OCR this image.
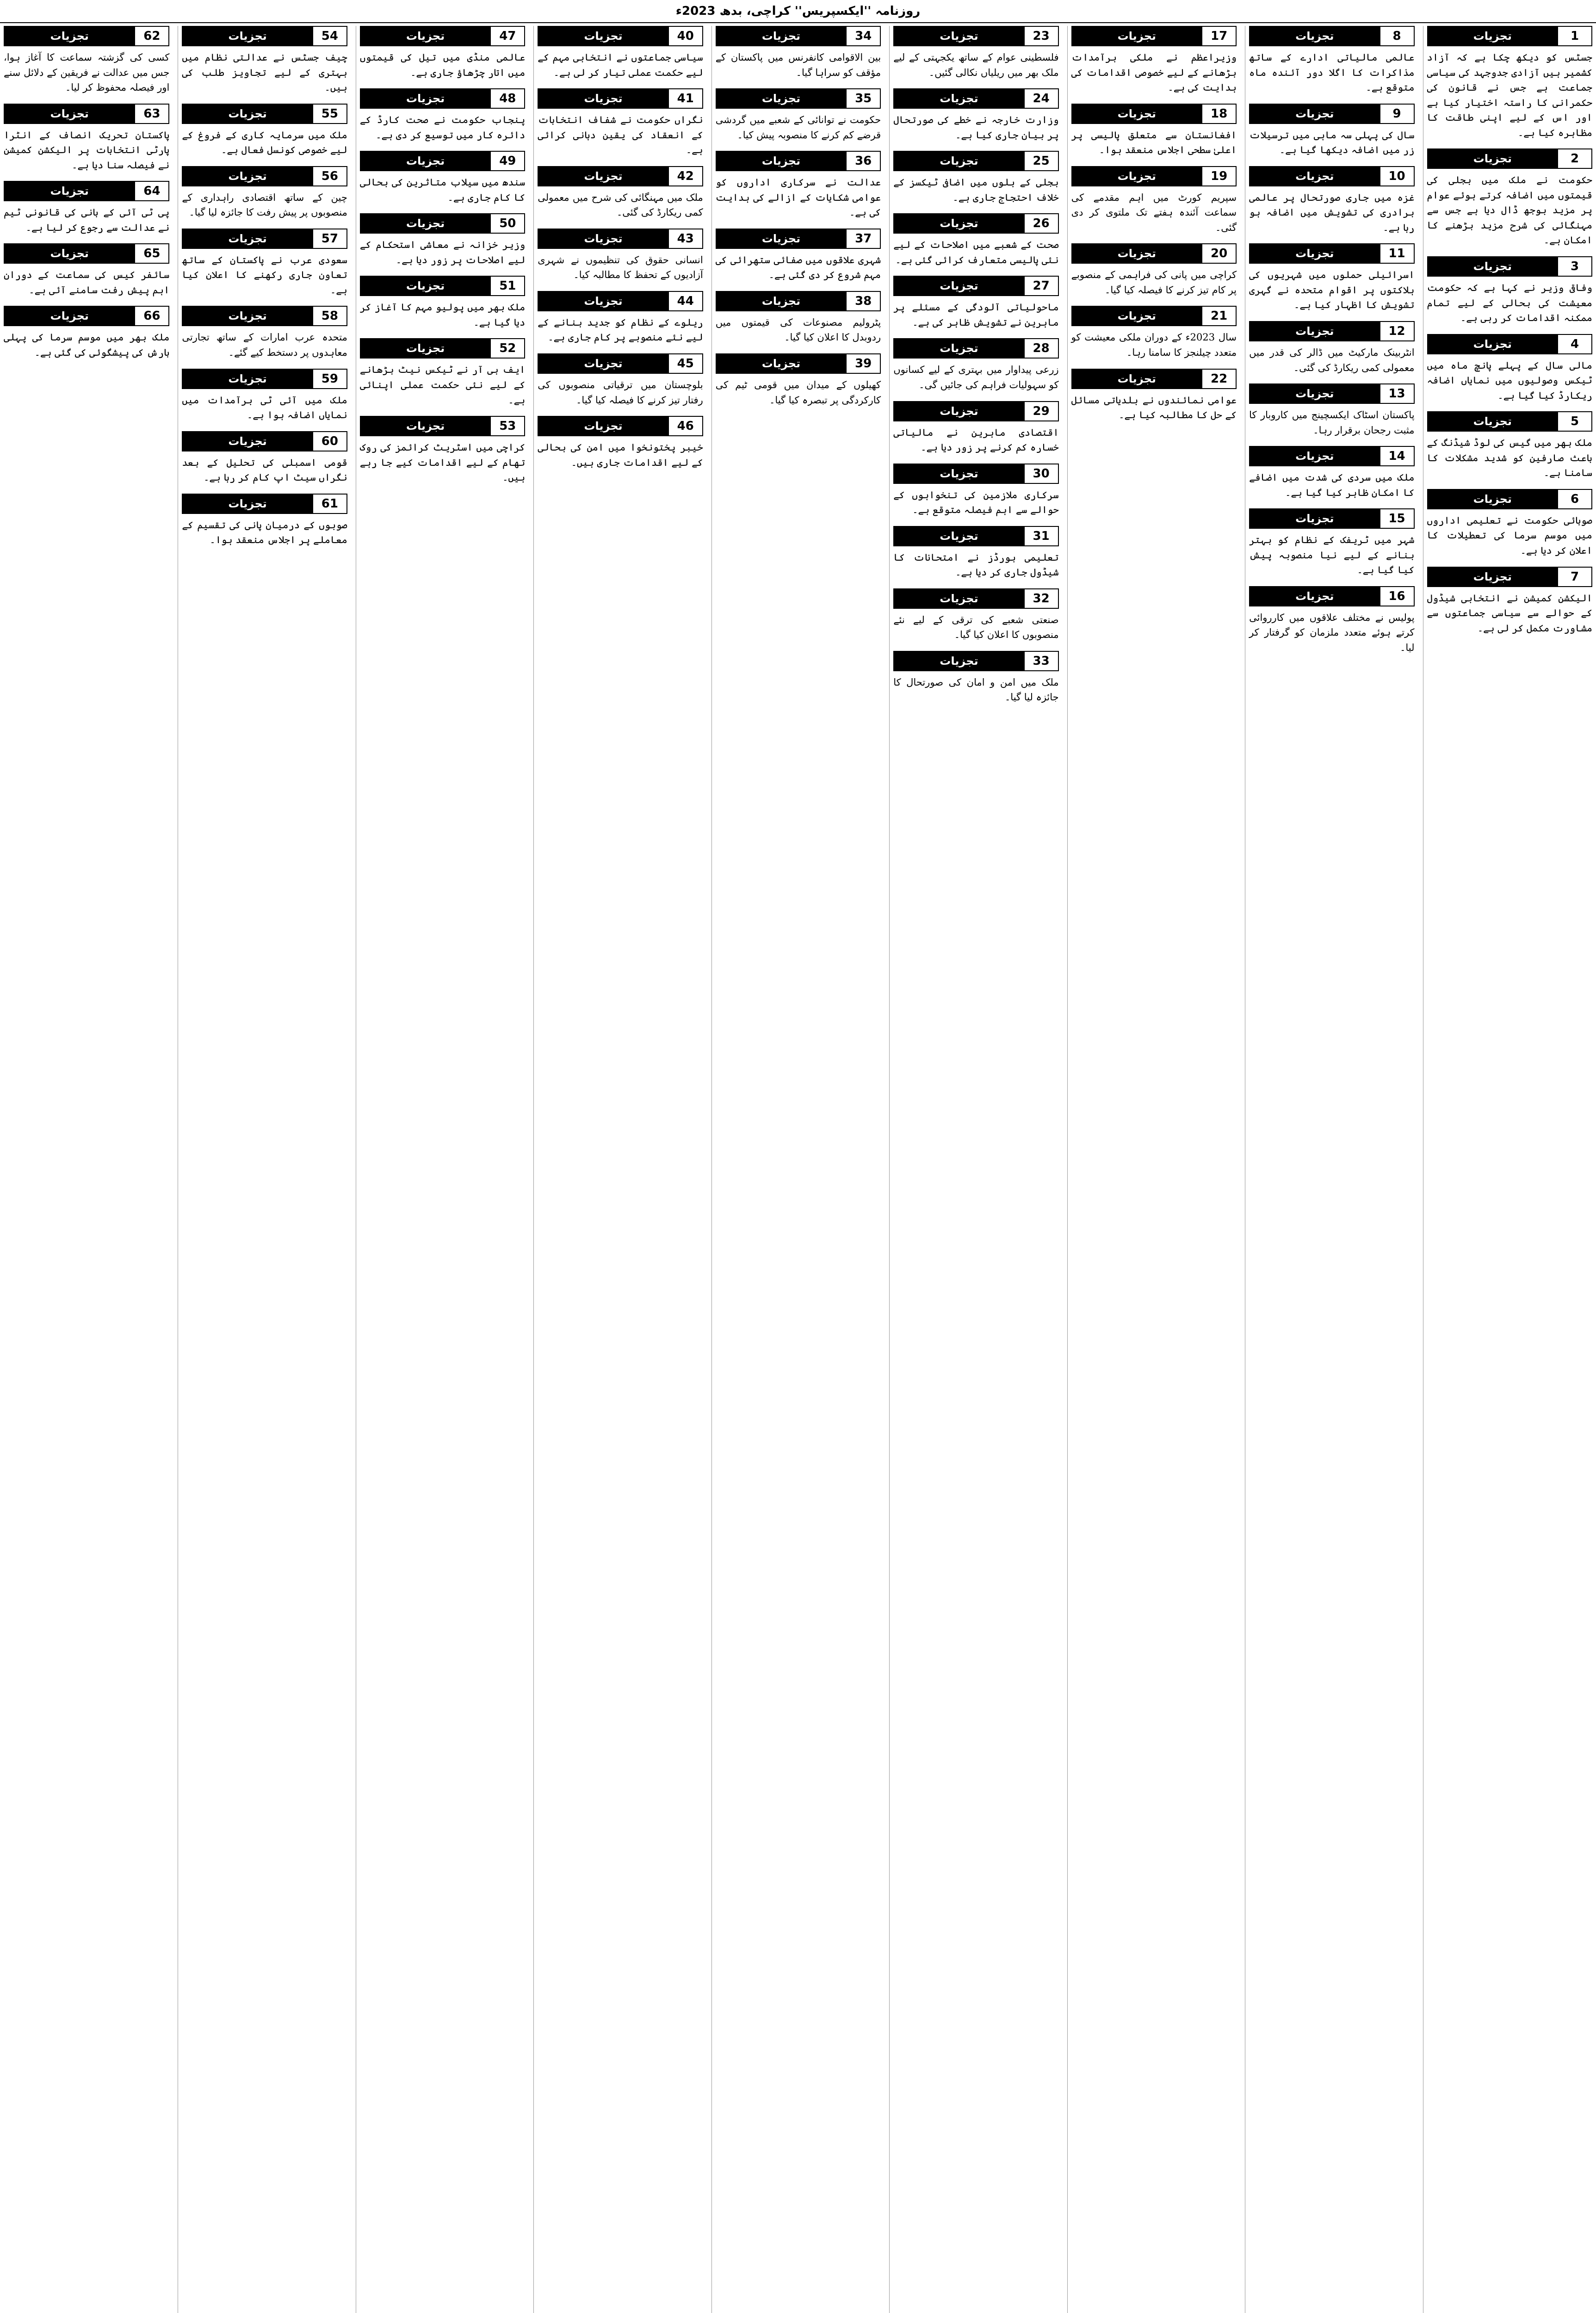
روزنامہ ''ایکسپریس'' کراچی، بدھ 2023ء
1
تجزیات
جسٹس کو دیکھ چکا ہے کہ آزاد کشمیر ہیں آزادی جدوجہد کی سیاسی جماعت ہے جس نے قانون کی حکمرانی کا راستہ اختیار کیا ہے اور اس کے لیے اپنی طاقت کا مظاہرہ کیا ہے۔
2
تجزیات
حکومت نے ملک میں بجلی کی قیمتوں میں اضافہ کرتے ہوئے عوام پر مزید بوجھ ڈال دیا ہے جس سے مہنگائی کی شرح مزید بڑھنے کا امکان ہے۔
3
تجزیات
وفاقی وزیر نے کہا ہے کہ حکومت معیشت کی بحالی کے لیے تمام ممکنہ اقدامات کر رہی ہے۔
4
تجزیات
مالی سال کے پہلے پانچ ماہ میں ٹیکس وصولیوں میں نمایاں اضافہ ریکارڈ کیا گیا ہے۔
5
تجزیات
ملک بھر میں گیس کی لوڈ شیڈنگ کے باعث صارفین کو شدید مشکلات کا سامنا ہے۔
6
تجزیات
صوبائی حکومت نے تعلیمی اداروں میں موسم سرما کی تعطیلات کا اعلان کر دیا ہے۔
7
تجزیات
الیکشن کمیشن نے انتخابی شیڈول کے حوالے سے سیاسی جماعتوں سے مشاورت مکمل کر لی ہے۔
8
تجزیات
عالمی مالیاتی ادارے کے ساتھ مذاکرات کا اگلا دور آئندہ ماہ متوقع ہے۔
9
تجزیات
سال کی پہلی سہ ماہی میں ترسیلات زر میں اضافہ دیکھا گیا ہے۔
10
تجزیات
غزہ میں جاری صورتحال پر عالمی برادری کی تشویش میں اضافہ ہو رہا ہے۔
11
تجزیات
اسرائیلی حملوں میں شہریوں کی ہلاکتوں پر اقوام متحدہ نے گہری تشویش کا اظہار کیا ہے۔
12
تجزیات
انٹربینک مارکیٹ میں ڈالر کی قدر میں معمولی کمی ریکارڈ کی گئی۔
13
تجزیات
پاکستان اسٹاک ایکسچینج میں کاروبار کا مثبت رجحان برقرار رہا۔
14
تجزیات
ملک میں سردی کی شدت میں اضافے کا امکان ظاہر کیا گیا ہے۔
15
تجزیات
شہر میں ٹریفک کے نظام کو بہتر بنانے کے لیے نیا منصوبہ پیش کیا گیا ہے۔
16
تجزیات
پولیس نے مختلف علاقوں میں کارروائی کرتے ہوئے متعدد ملزمان کو گرفتار کر لیا۔
17
تجزیات
وزیراعظم نے ملکی برآمدات بڑھانے کے لیے خصوصی اقدامات کی ہدایت کی ہے۔
18
تجزیات
افغانستان سے متعلق پالیسی پر اعلیٰ سطحی اجلاس منعقد ہوا۔
19
تجزیات
سپریم کورٹ میں اہم مقدمے کی سماعت آئندہ ہفتے تک ملتوی کر دی گئی۔
20
تجزیات
کراچی میں پانی کی فراہمی کے منصوبے پر کام تیز کرنے کا فیصلہ کیا گیا۔
21
تجزیات
سال 2023ء کے دوران ملکی معیشت کو متعدد چیلنجز کا سامنا رہا۔
22
تجزیات
عوامی نمائندوں نے بلدیاتی مسائل کے حل کا مطالبہ کیا ہے۔
23
تجزیات
فلسطینی عوام کے ساتھ یکجہتی کے لیے ملک بھر میں ریلیاں نکالی گئیں۔
24
تجزیات
وزارت خارجہ نے خطے کی صورتحال پر بیان جاری کیا ہے۔
25
تجزیات
بجلی کے بلوں میں اضافی ٹیکسز کے خلاف احتجاج جاری ہے۔
26
تجزیات
صحت کے شعبے میں اصلاحات کے لیے نئی پالیسی متعارف کرائی گئی ہے۔
27
تجزیات
ماحولیاتی آلودگی کے مسئلے پر ماہرین نے تشویش ظاہر کی ہے۔
28
تجزیات
زرعی پیداوار میں بہتری کے لیے کسانوں کو سہولیات فراہم کی جائیں گی۔
29
تجزیات
اقتصادی ماہرین نے مالیاتی خسارہ کم کرنے پر زور دیا ہے۔
30
تجزیات
سرکاری ملازمین کی تنخواہوں کے حوالے سے اہم فیصلہ متوقع ہے۔
31
تجزیات
تعلیمی بورڈز نے امتحانات کا شیڈول جاری کر دیا ہے۔
32
تجزیات
صنعتی شعبے کی ترقی کے لیے نئے منصوبوں کا اعلان کیا گیا۔
33
تجزیات
ملک میں امن و امان کی صورتحال کا جائزہ لیا گیا۔
34
تجزیات
بین الاقوامی کانفرنس میں پاکستان کے مؤقف کو سراہا گیا۔
35
تجزیات
حکومت نے توانائی کے شعبے میں گردشی قرضے کم کرنے کا منصوبہ پیش کیا۔
36
تجزیات
عدالت نے سرکاری اداروں کو عوامی شکایات کے ازالے کی ہدایت کی ہے۔
37
تجزیات
شہری علاقوں میں صفائی ستھرائی کی مہم شروع کر دی گئی ہے۔
38
تجزیات
پٹرولیم مصنوعات کی قیمتوں میں ردوبدل کا اعلان کیا گیا۔
39
تجزیات
کھیلوں کے میدان میں قومی ٹیم کی کارکردگی پر تبصرہ کیا گیا۔
40
تجزیات
سیاسی جماعتوں نے انتخابی مہم کے لیے حکمت عملی تیار کر لی ہے۔
41
تجزیات
نگراں حکومت نے شفاف انتخابات کے انعقاد کی یقین دہانی کرائی ہے۔
42
تجزیات
ملک میں مہنگائی کی شرح میں معمولی کمی ریکارڈ کی گئی۔
43
تجزیات
انسانی حقوق کی تنظیموں نے شہری آزادیوں کے تحفظ کا مطالبہ کیا۔
44
تجزیات
ریلوے کے نظام کو جدید بنانے کے لیے نئے منصوبے پر کام جاری ہے۔
45
تجزیات
بلوچستان میں ترقیاتی منصوبوں کی رفتار تیز کرنے کا فیصلہ کیا گیا۔
46
تجزیات
خیبر پختونخوا میں امن کی بحالی کے لیے اقدامات جاری ہیں۔
47
تجزیات
عالمی منڈی میں تیل کی قیمتوں میں اتار چڑھاؤ جاری ہے۔
48
تجزیات
پنجاب حکومت نے صحت کارڈ کے دائرہ کار میں توسیع کر دی ہے۔
49
تجزیات
سندھ میں سیلاب متاثرین کی بحالی کا کام جاری ہے۔
50
تجزیات
وزیر خزانہ نے معاشی استحکام کے لیے اصلاحات پر زور دیا ہے۔
51
تجزیات
ملک بھر میں پولیو مہم کا آغاز کر دیا گیا ہے۔
52
تجزیات
ایف بی آر نے ٹیکس نیٹ بڑھانے کے لیے نئی حکمت عملی اپنائی ہے۔
53
تجزیات
کراچی میں اسٹریٹ کرائمز کی روک تھام کے لیے اقدامات کیے جا رہے ہیں۔
54
تجزیات
چیف جسٹس نے عدالتی نظام میں بہتری کے لیے تجاویز طلب کی ہیں۔
55
تجزیات
ملک میں سرمایہ کاری کے فروغ کے لیے خصوصی کونسل فعال ہے۔
56
تجزیات
چین کے ساتھ اقتصادی راہداری کے منصوبوں پر پیش رفت کا جائزہ لیا گیا۔
57
تجزیات
سعودی عرب نے پاکستان کے ساتھ تعاون جاری رکھنے کا اعلان کیا ہے۔
58
تجزیات
متحدہ عرب امارات کے ساتھ تجارتی معاہدوں پر دستخط کیے گئے۔
59
تجزیات
ملک میں آئی ٹی برآمدات میں نمایاں اضافہ ہوا ہے۔
60
تجزیات
قومی اسمبلی کی تحلیل کے بعد نگراں سیٹ اپ کام کر رہا ہے۔
61
تجزیات
صوبوں کے درمیان پانی کی تقسیم کے معاملے پر اجلاس منعقد ہوا۔
62
تجزیات
کسی کی گزشتہ سماعت کا آغاز ہوا، جس میں عدالت نے فریقین کے دلائل سنے اور فیصلہ محفوظ کر لیا۔
63
تجزیات
پاکستان تحریک انصاف کے انٹرا پارٹی انتخابات پر الیکشن کمیشن نے فیصلہ سنا دیا ہے۔
64
تجزیات
پی ٹی آئی کے بانی کی قانونی ٹیم نے عدالت سے رجوع کر لیا ہے۔
65
تجزیات
سائفر کیس کی سماعت کے دوران اہم پیش رفت سامنے آئی ہے۔
66
تجزیات
ملک بھر میں موسم سرما کی پہلی بارش کی پیشگوئی کی گئی ہے۔
